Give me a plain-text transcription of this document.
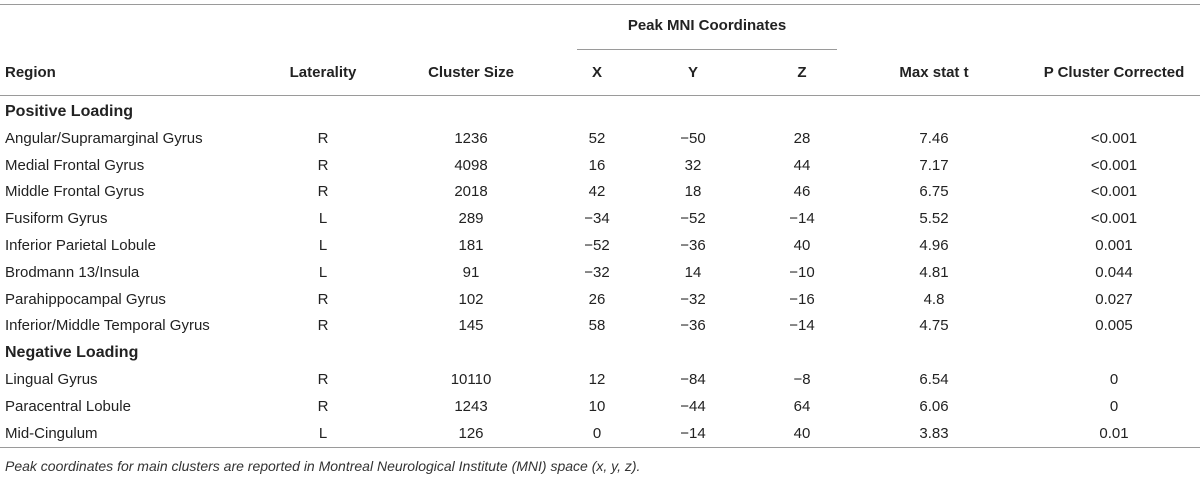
Peak MNI Coordinates
Region	Laterality	Cluster Size	X	Y	Z	Max stat t	P Cluster Corrected
Positive Loading
Angular/Supramarginal Gyrus	R	1236	52	−50	28	7.46	<0.001
Medial Frontal Gyrus	R	4098	16	32	44	7.17	<0.001
Middle Frontal Gyrus	R	2018	42	18	46	6.75	<0.001
Fusiform Gyrus	L	289	−34	−52	−14	5.52	<0.001
Inferior Parietal Lobule	L	181	−52	−36	40	4.96	0.001
Brodmann 13/Insula	L	91	−32	14	−10	4.81	0.044
Parahippocampal Gyrus	R	102	26	−32	−16	4.8	0.027
Inferior/Middle Temporal Gyrus	R	145	58	−36	−14	4.75	0.005
Negative Loading
Lingual Gyrus	R	10110	12	−84	−8	6.54	0
Paracentral Lobule	R	1243	10	−44	64	6.06	0
Mid-Cingulum	L	126	0	−14	40	3.83	0.01
Peak coordinates for main clusters are reported in Montreal Neurological Institute (MNI) space (x, y, z).
